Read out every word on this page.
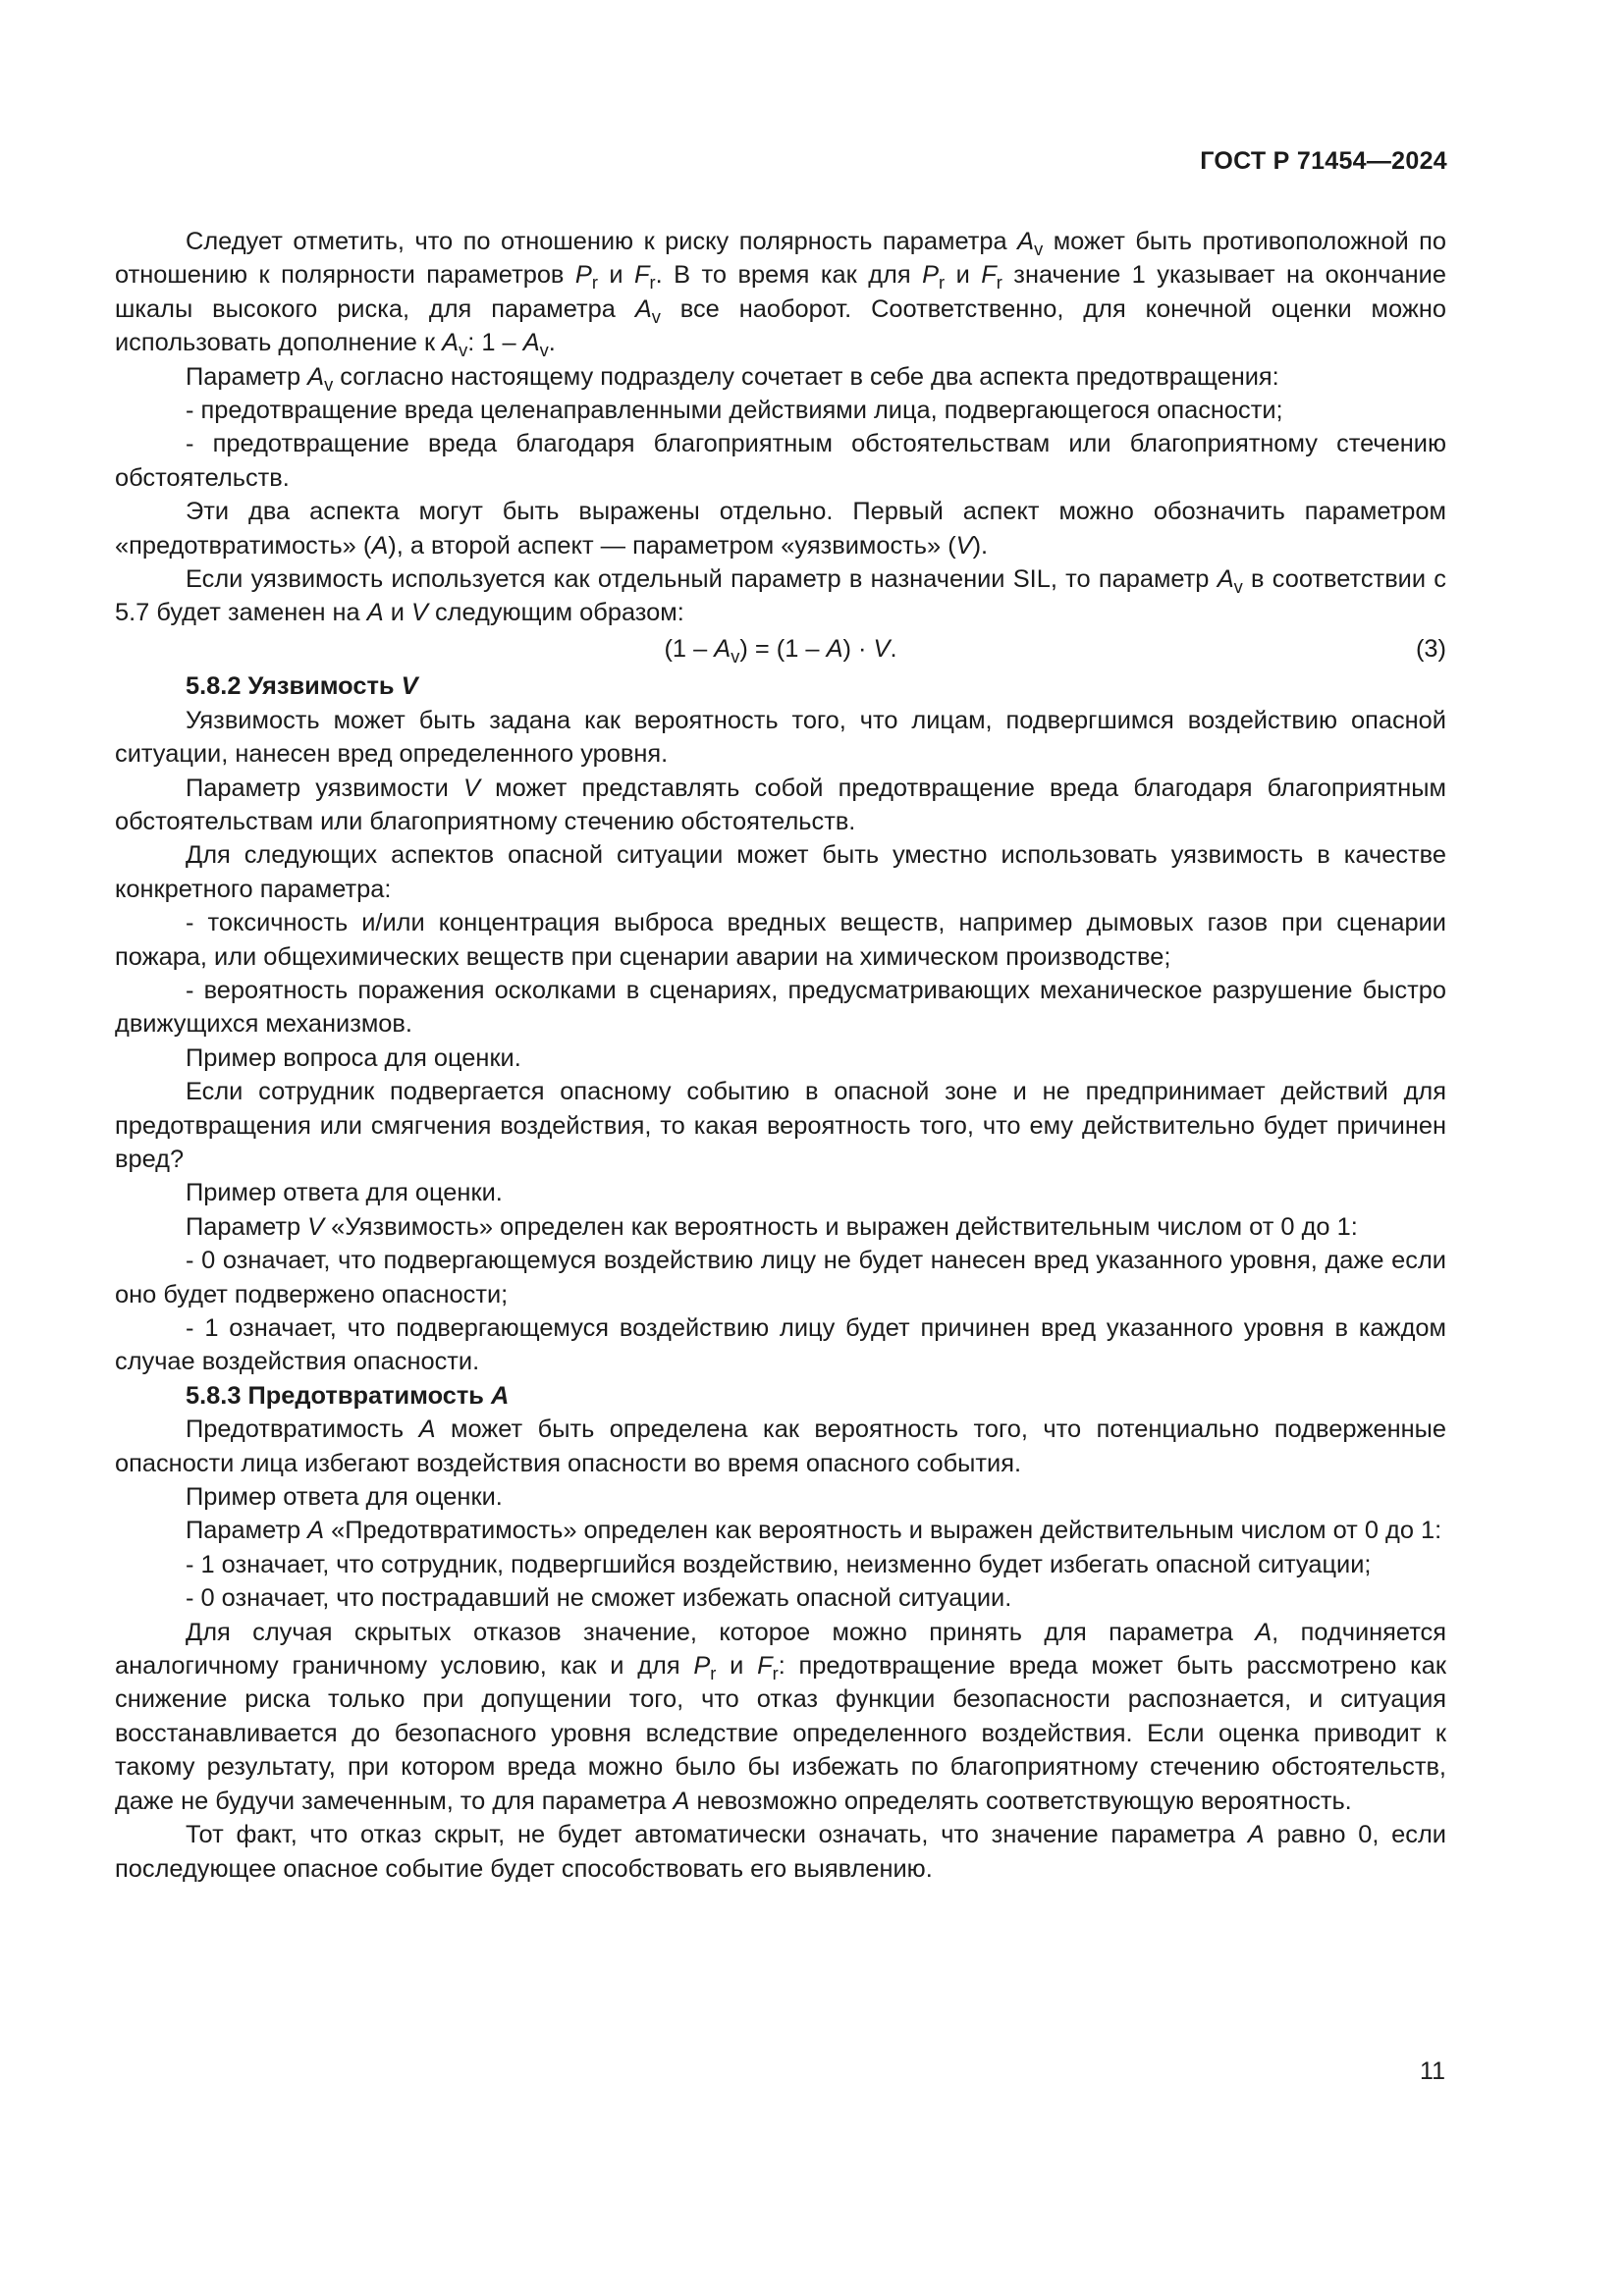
ГОСТ Р 71454—2024

Следует отметить, что по отношению к риску полярность параметра $A_v$ может быть противоположной по отношению к полярности параметров $P_r$ и $F_r$. В то время как для $P_r$ и $F_r$ значение 1 указывает на окончание шкалы высокого риска, для параметра $A_v$ все наоборот. Соответственно, для конечной оценки можно использовать дополнение к $A_v$: $1 - A_v$.

Параметр $A_v$ согласно настоящему подразделу сочетает в себе два аспекта предотвращения:

- предотвращение вреда целенаправленными действиями лица, подвергающегося опасности;

- предотвращение вреда благодаря благоприятным обстоятельствам или благоприятному стечению обстоятельств.

Эти два аспекта могут быть выражены отдельно. Первый аспект можно обозначить параметром «предотвратимость» (A), а второй аспект — параметром «уязвимость» (V).

Если уязвимость используется как отдельный параметр в назначении SIL, то параметр $A_v$ в соответствии с 5.7 будет заменен на A и V следующим образом:

$(1 - A_v) = (1 - A) \cdot V$.	(3)
5.8.2 Уязвимость V

Уязвимость может быть задана как вероятность того, что лицам, подвергшимся воздействию опасной ситуации, нанесен вред определенного уровня.

Параметр уязвимости V может представлять собой предотвращение вреда благодаря благоприятным обстоятельствам или благоприятному стечению обстоятельств.

Для следующих аспектов опасной ситуации может быть уместно использовать уязвимость в качестве конкретного параметра:

- токсичность и/или концентрация выброса вредных веществ, например дымовых газов при сценарии пожара, или общехимических веществ при сценарии аварии на химическом производстве;

- вероятность поражения осколками в сценариях, предусматривающих механическое разрушение быстро движущихся механизмов.

Пример вопроса для оценки.

Если сотрудник подвергается опасному событию в опасной зоне и не предпринимает действий для предотвращения или смягчения воздействия, то какая вероятность того, что ему действительно будет причинен вред?

Пример ответа для оценки.

Параметр V «Уязвимость» определен как вероятность и выражен действительным числом от 0 до 1:

- 0 означает, что подвергающемуся воздействию лицу не будет нанесен вред указанного уровня, даже если оно будет подвержено опасности;

- 1 означает, что подвергающемуся воздействию лицу будет причинен вред указанного уровня в каждом случае воздействия опасности.

5.8.3 Предотвратимость A

Предотвратимость A может быть определена как вероятность того, что потенциально подверженные опасности лица избегают воздействия опасности во время опасного события.

Пример ответа для оценки.

Параметр A «Предотвратимость» определен как вероятность и выражен действительным числом от 0 до 1:

- 1 означает, что сотрудник, подвергшийся воздействию, неизменно будет избегать опасной ситуации;

- 0 означает, что пострадавший не сможет избежать опасной ситуации.

Для случая скрытых отказов значение, которое можно принять для параметра A, подчиняется аналогичному граничному условию, как и для $P_r$ и $F_r$: предотвращение вреда может быть рассмотрено как снижение риска только при допущении того, что отказ функции безопасности распознается, и ситуация восстанавливается до безопасного уровня вследствие определенного воздействия. Если оценка приводит к такому результату, при котором вреда можно было бы избежать по благоприятному стечению обстоятельств, даже не будучи замеченным, то для параметра A невозможно определять соответствующую вероятность.

Тот факт, что отказ скрыт, не будет автоматически означать, что значение параметра A равно 0, если последующее опасное событие будет способствовать его выявлению.

11
